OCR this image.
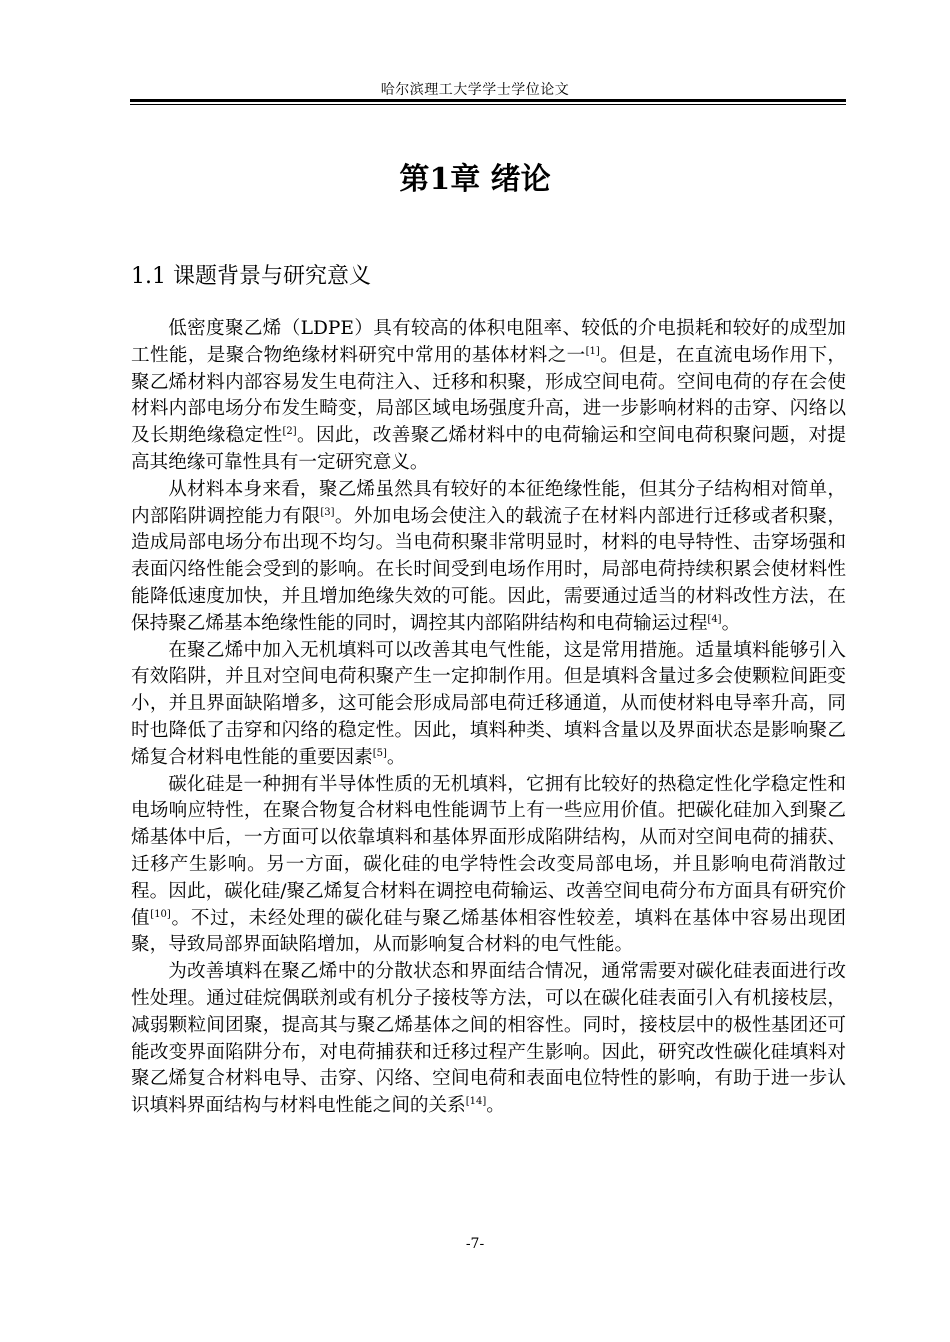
哈尔滨理工大学学士学位论文
第1章 绪论
1.1 课题背景与研究意义

低密度聚乙烯（LDPE）具有较高的体积电阻率、较低的介电损耗和较好的成型加工性能，是聚合物绝缘材料研究中常用的基体材料之一[1]。但是，在直流电场作用下，聚乙烯材料内部容易发生电荷注入、迁移和积聚，形成空间电荷。空间电荷的存在会使材料内部电场分布发生畸变，局部区域电场强度升高，进一步影响材料的击穿、闪络以及长期绝缘稳定性[2]。因此，改善聚乙烯材料中的电荷输运和空间电荷积聚问题，对提高其绝缘可靠性具有一定研究意义。

从材料本身来看，聚乙烯虽然具有较好的本征绝缘性能，但其分子结构相对简单，内部陷阱调控能力有限[3]。外加电场会使注入的载流子在材料内部进行迁移或者积聚，造成局部电场分布出现不均匀。当电荷积聚非常明显时，材料的电导特性、击穿场强和表面闪络性能会受到的影响。在长时间受到电场作用时，局部电荷持续积累会使材料性能降低速度加快，并且增加绝缘失效的可能。因此，需要通过适当的材料改性方法，在保持聚乙烯基本绝缘性能的同时，调控其内部陷阱结构和电荷输运过程[4]。

在聚乙烯中加入无机填料可以改善其电气性能，这是常用措施。适量填料能够引入有效陷阱，并且对空间电荷积聚产生一定抑制作用。但是填料含量过多会使颗粒间距变小，并且界面缺陷增多，这可能会形成局部电荷迁移通道，从而使材料电导率升高，同时也降低了击穿和闪络的稳定性。因此，填料种类、填料含量以及界面状态是影响聚乙烯复合材料电性能的重要因素[5]。

碳化硅是一种拥有半导体性质的无机填料，它拥有比较好的热稳定性化学稳定性和电场响应特性，在聚合物复合材料电性能调节上有一些应用价值。把碳化硅加入到聚乙烯基体中后，一方面可以依靠填料和基体界面形成陷阱结构，从而对空间电荷的捕获、迁移产生影响。另一方面，碳化硅的电学特性会改变局部电场，并且影响电荷消散过程。因此，碳化硅/聚乙烯复合材料在调控电荷输运、改善空间电荷分布方面具有研究价值[10]。不过，未经处理的碳化硅与聚乙烯基体相容性较差，填料在基体中容易出现团聚，导致局部界面缺陷增加，从而影响复合材料的电气性能。

为改善填料在聚乙烯中的分散状态和界面结合情况，通常需要对碳化硅表面进行改性处理。通过硅烷偶联剂或有机分子接枝等方法，可以在碳化硅表面引入有机接枝层，减弱颗粒间团聚，提高其与聚乙烯基体之间的相容性。同时，接枝层中的极性基团还可能改变界面陷阱分布，对电荷捕获和迁移过程产生影响。因此，研究改性碳化硅填料对聚乙烯复合材料电导、击穿、闪络、空间电荷和表面电位特性的影响，有助于进一步认识填料界面结构与材料电性能之间的关系[14]。

-7-
